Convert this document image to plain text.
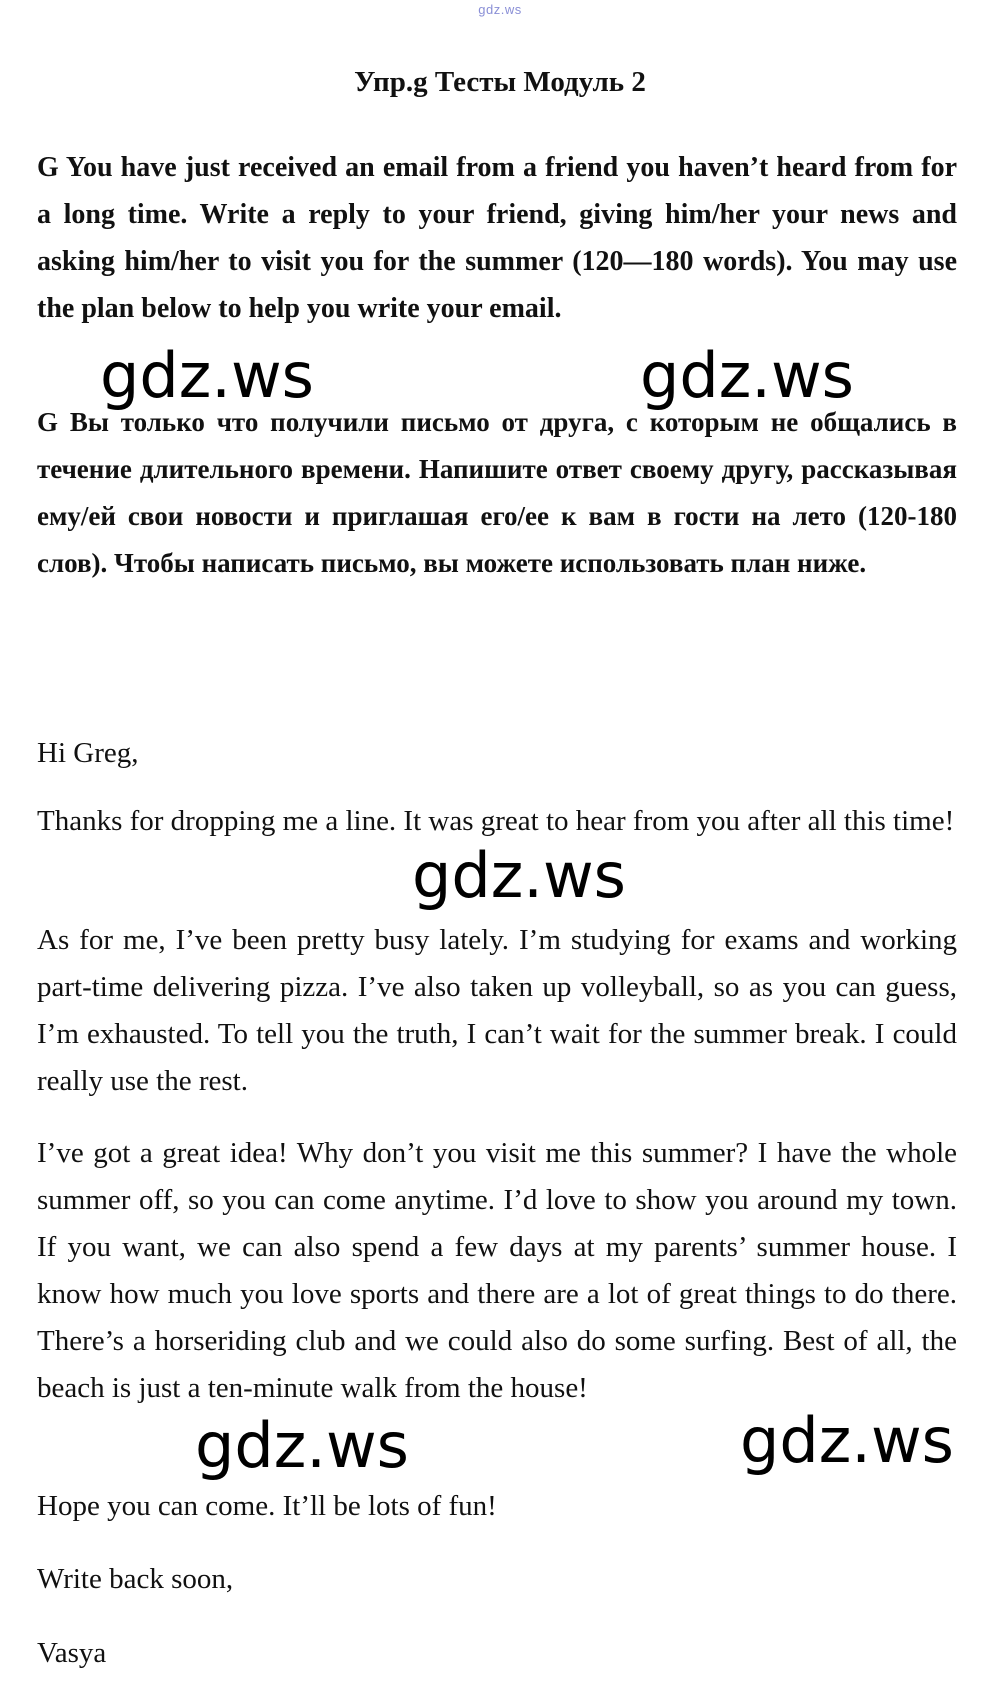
gdz.ws
Упр.g Тесты Модуль 2

G You have just received an email from a friend you haven’t heard from for a long time. Write a reply to your friend, giving him/her your news and asking him/her to visit you for the summer (120—180 words). You may use the plan below to help you write your email.

G Вы только что получили письмо от друга, с которым не общались в течение длительного времени. Напишите ответ своему другу, рассказывая ему/ей свои новости и приглашая его/ее к вам в гости на лето (120-180 слов). Чтобы написать письмо, вы можете использовать план ниже.

Hi Greg,

Thanks for dropping me a line. It was great to hear from you after all this time!

As for me, I’ve been pretty busy lately. I’m studying for exams and working part-time delivering pizza. I’ve also taken up volleyball, so as you can guess, I’m exhausted. To tell you the truth, I can’t wait for the summer break. I could really use the rest.

I’ve got a great idea! Why don’t you visit me this summer? I have the whole summer off, so you can come anytime. I’d love to show you around my town. If you want, we can also spend a few days at my parents’ summer house. I know how much you love sports and there are a lot of great things to do there. There’s a horseriding club and we could also do some surfing. Best of all, the beach is just a ten-minute walk from the house!

Hope you can come. It’ll be lots of fun!

Write back soon,

Vasya

gdz.ws	gdz.ws
gdz.ws
gdz.ws	gdz.ws
